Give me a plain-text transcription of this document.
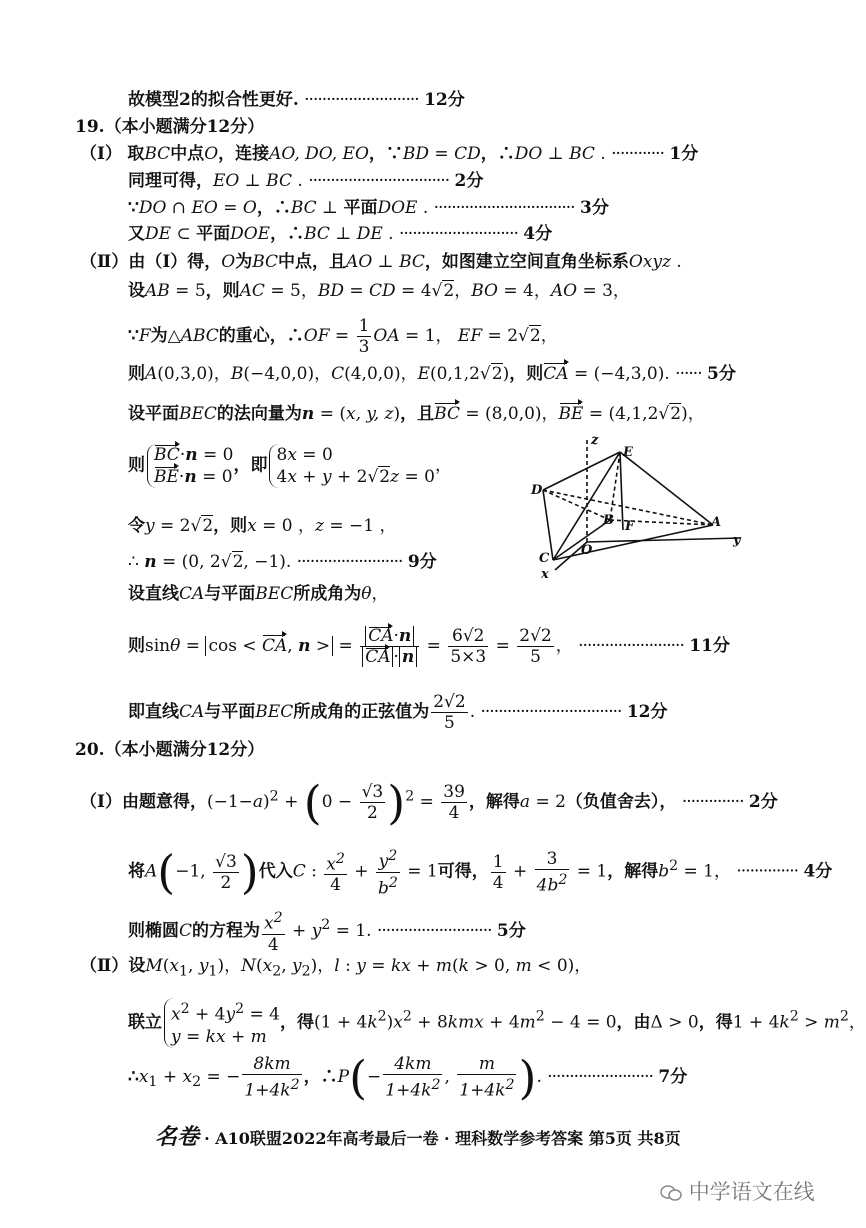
故模型2的拟合性更好. ·························· 12分
19.（本小题满分12分）
（Ⅰ） 取BC中点O，连接AO, DO, EO，∵BD = CD，∴DO ⊥ BC . ············ 1分
同理可得，EO ⊥ BC . ································ 2分
∵DO ∩ EO = O，∴BC ⊥ 平面DOE . ································ 3分
又DE ⊂ 平面DOE，∴BC ⊥ DE . ··························· 4分
（Ⅱ）由（Ⅰ）得，O为BC中点，且AO ⊥ BC，如图建立空间直角坐标系Oxyz .
设AB = 5，则AC = 5，BD = CD = 4√2，BO = 4，AO = 3，
∵F为△ABC的重心，∴OF = $\frac{1}{3}$ OA = 1， EF = 2√2，
则A(0,3,0)，B(−4,0,0)，C(4,0,0)，E(0,1,2√2)，则CA = (−4,3,0). ······ 5分
设平面BEC的法向量为n = (x, y, z)，且BC = (8,0,0)，BE = (4,1,2√2)，
则
BC·n = 0
BE·n = 0
，即
8x = 0
4x + y + 2√2z = 0
，
令y = 2√2，则x = 0 ，z = −1 ，
∴ n = (0, 2√2, −1). ························ 9分
设直线CA与平面BEC所成角为θ，
则sinθ = cos < CA, n > = $\frac{CA\cdot n}{CA \cdot n} = \frac{6√2}{5\times 3} = \frac{2√2}{5}$ ， ························ 11分
即直线CA与平面BEC所成角的正弦值为 $\frac{2√2}{5}$ . ································ 12分
z
E
D
B F	A
y
O
C
x
20.（本小题满分12分）
（Ⅰ）由题意得，$(-1-a)^2 + (0 - \frac{√3}{2} )^2 = \frac{39}{4}$ ，解得a = 2（负值舍去）， ·············· 2分
将A(−1, $\frac{√3}{2}$ )代入C : $\frac{x^2}{4} + \frac{y^2}{b^2} = 1$可得， $\frac{1}{4} + \frac{3}{4b^2} = 1$，解得$b^2 = 1$， ·············· 4分
则椭圆C的方程为 $\frac{x^2}{4} + y^2 = 1$. ·························· 5分
（Ⅱ）设$M(x_1$, $y_1$)，$N(x_2$, $y_2$)，l : y = kx + m(k > 0, m < 0)，
联立 $x^2 + 4y^2 = 4$
y = kx + m
，得$(1 + 4k^2)x^2 + 8kmx + 4m^2 - 4 = 0$，由Δ > 0，得$1 + 4k^2 > m^2$，
$\therefore x_1 + x_2$ = − $\frac{8km}{1+4k^2}$ ，∴P(− $\frac{4km}{1+4k^2}$ , $\frac{m}{1+4k^2}$ ). ························ 7分
名卷 · A10联盟2022年高考最后一卷 · 理科数学参考答案 第5页 共8页
中学语文在线
